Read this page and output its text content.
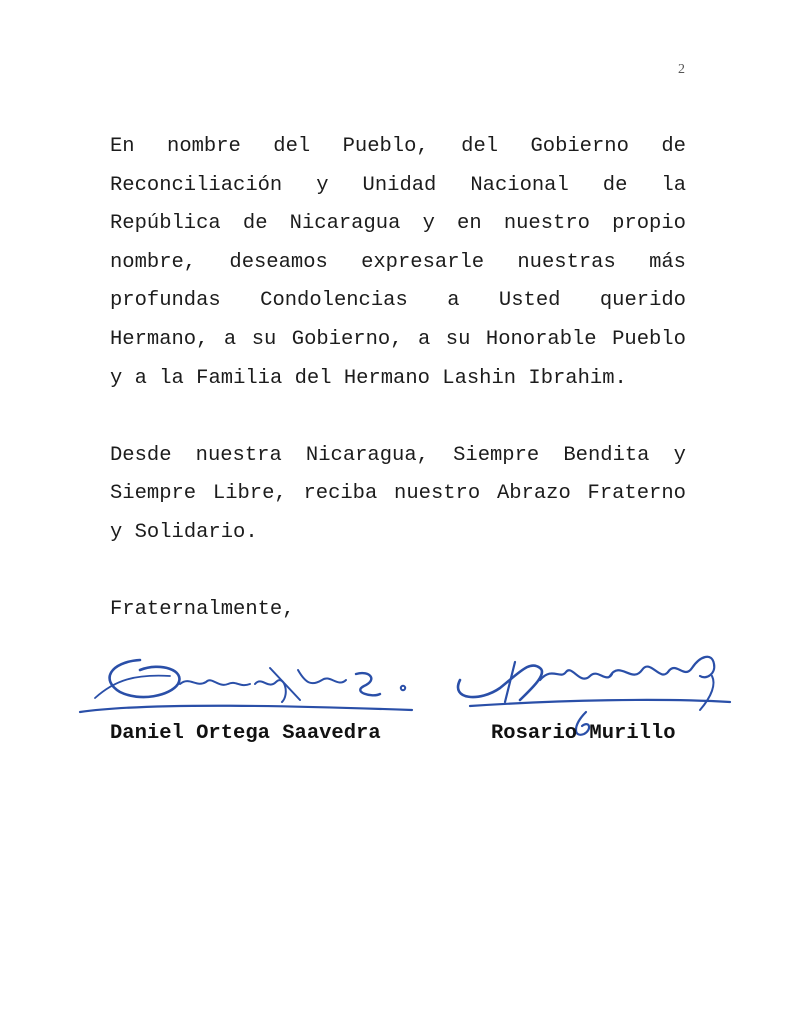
2
En nombre del Pueblo, del Gobierno de
Reconciliación y Unidad Nacional de la
República de Nicaragua y en nuestro propio
nombre, deseamos expresarle nuestras más
profundas Condolencias a Usted querido
Hermano, a su Gobierno, a su Honorable Pueblo
y a la Familia del Hermano Lashin Ibrahim.
Desde nuestra Nicaragua, Siempre Bendita y
Siempre Libre, reciba nuestro Abrazo Fraterno
y Solidario.
Fraternalmente,
Daniel Ortega Saavedra	Rosario Murillo
